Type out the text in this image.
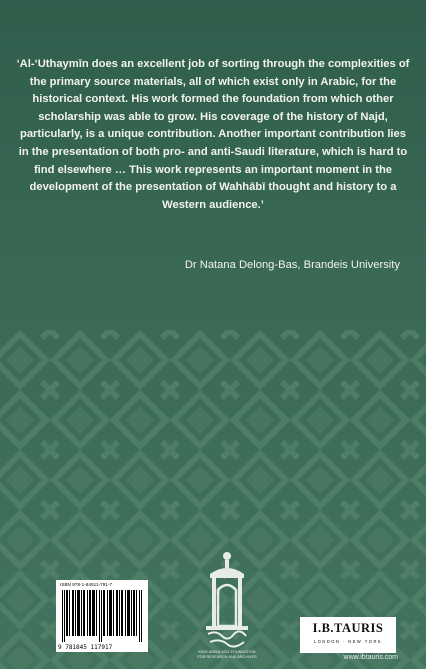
‘Al-‘Uthaymīn does an excellent job of sorting through the complexities of the primary source materials, all of which exist only in Arabic, for the historical context. His work formed the foundation from which other scholarship was able to grow. His coverage of the history of Najd, particularly, is a unique contribution. Another important contribution lies in the presentation of both pro- and anti-Saudi literature, which is hard to find elsewhere … This work represents an important moment in the development of the presentation of Wahhābī thought and history to a Western audience.’

Dr Natana Delong-Bas, Brandeis University
ISBN 978-1-84511-791-7
9 781845 117917
KING ABDULAZIZ FOUNDATION
FOR RESEARCH AND ARCHIVES
I.B.TAURIS
LONDON · NEW YORK
www.ibtauris.com
